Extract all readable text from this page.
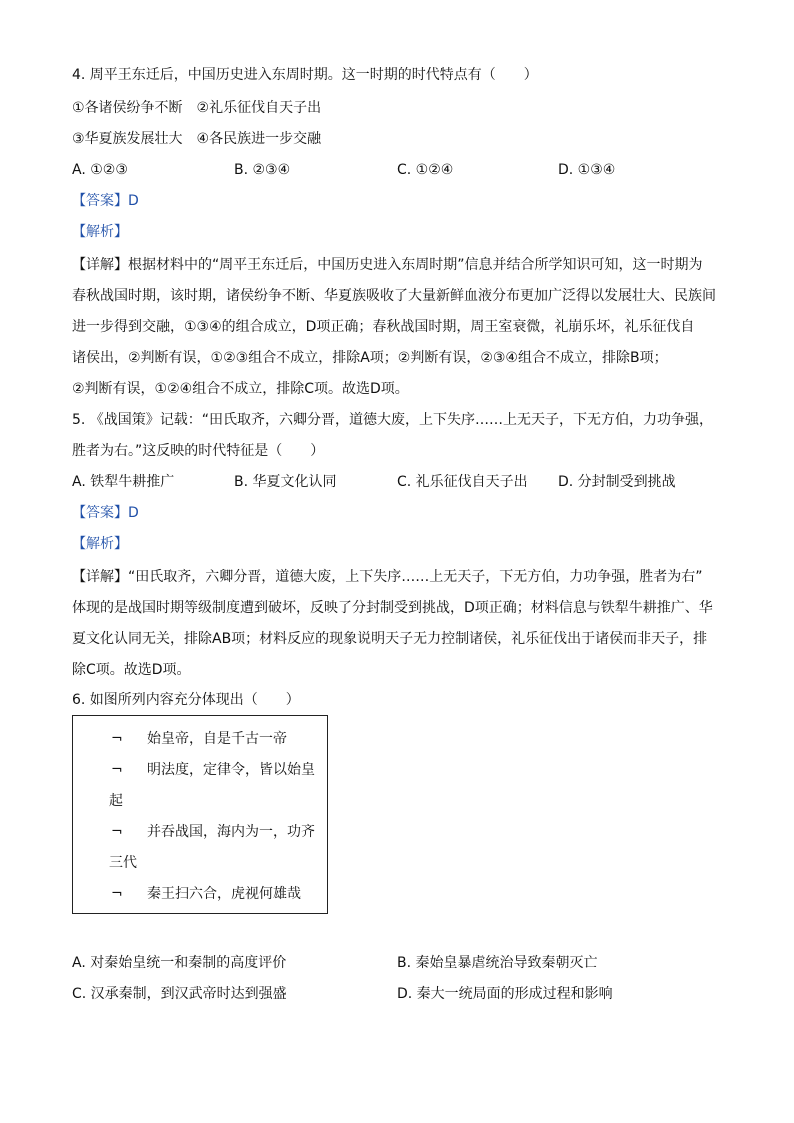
4. 周平王东迁后，中国历史进入东周时期。这一时期的时代特点有（　　）
①各诸侯纷争不断　②礼乐征伐自天子出
③华夏族发展壮大　④各民族进一步交融
A. ①②③	B. ②③④	C. ①②④	D. ①③④
【答案】D
【解析】
【详解】根据材料中的“周平王东迁后，中国历史进入东周时期”信息并结合所学知识可知，这一时期为
春秋战国时期，该时期，诸侯纷争不断、华夏族吸收了大量新鲜血液分布更加广泛得以发展壮大、民族间
进一步得到交融，①③④的组合成立，D项正确；春秋战国时期，周王室衰微，礼崩乐坏，礼乐征伐自
诸侯出，②判断有误，①②③组合不成立，排除A项；②判断有误，②③④组合不成立，排除B项；
②判断有误，①②④组合不成立，排除C项。故选D项。
5. 《战国策》记载：“田氏取齐，六卿分晋，道德大废，上下失序……上无天子，下无方伯，力功争强，
胜者为右。”这反映的时代特征是（　　）
A. 铁犁牛耕推广	B. 华夏文化认同	C. 礼乐征伐自天子出 D. 分封制受到挑战
【答案】D
【解析】
【详解】“田氏取齐，六卿分晋，道德大废，上下失序……上无天子，下无方伯，力功争强，胜者为右”
体现的是战国时期等级制度遭到破坏，反映了分封制受到挑战，D项正确；材料信息与铁犁牛耕推广、华
夏文化认同无关，排除AB项；材料反应的现象说明天子无力控制诸侯，礼乐征伐出于诸侯而非天子，排
除C项。故选D项。
6. 如图所列内容充分体现出（　　）
¬ 始皇帝，自是千古一帝
¬ 明法度，定律令，皆以始皇
起
¬ 并吞战国，海内为一，功齐
三代
¬ 秦王扫六合，虎视何雄哉
A. 对秦始皇统一和秦制的高度评价	B. 秦始皇暴虐统治导致秦朝灭亡
C. 汉承秦制，到汉武帝时达到强盛	D. 秦大一统局面的形成过程和影响
